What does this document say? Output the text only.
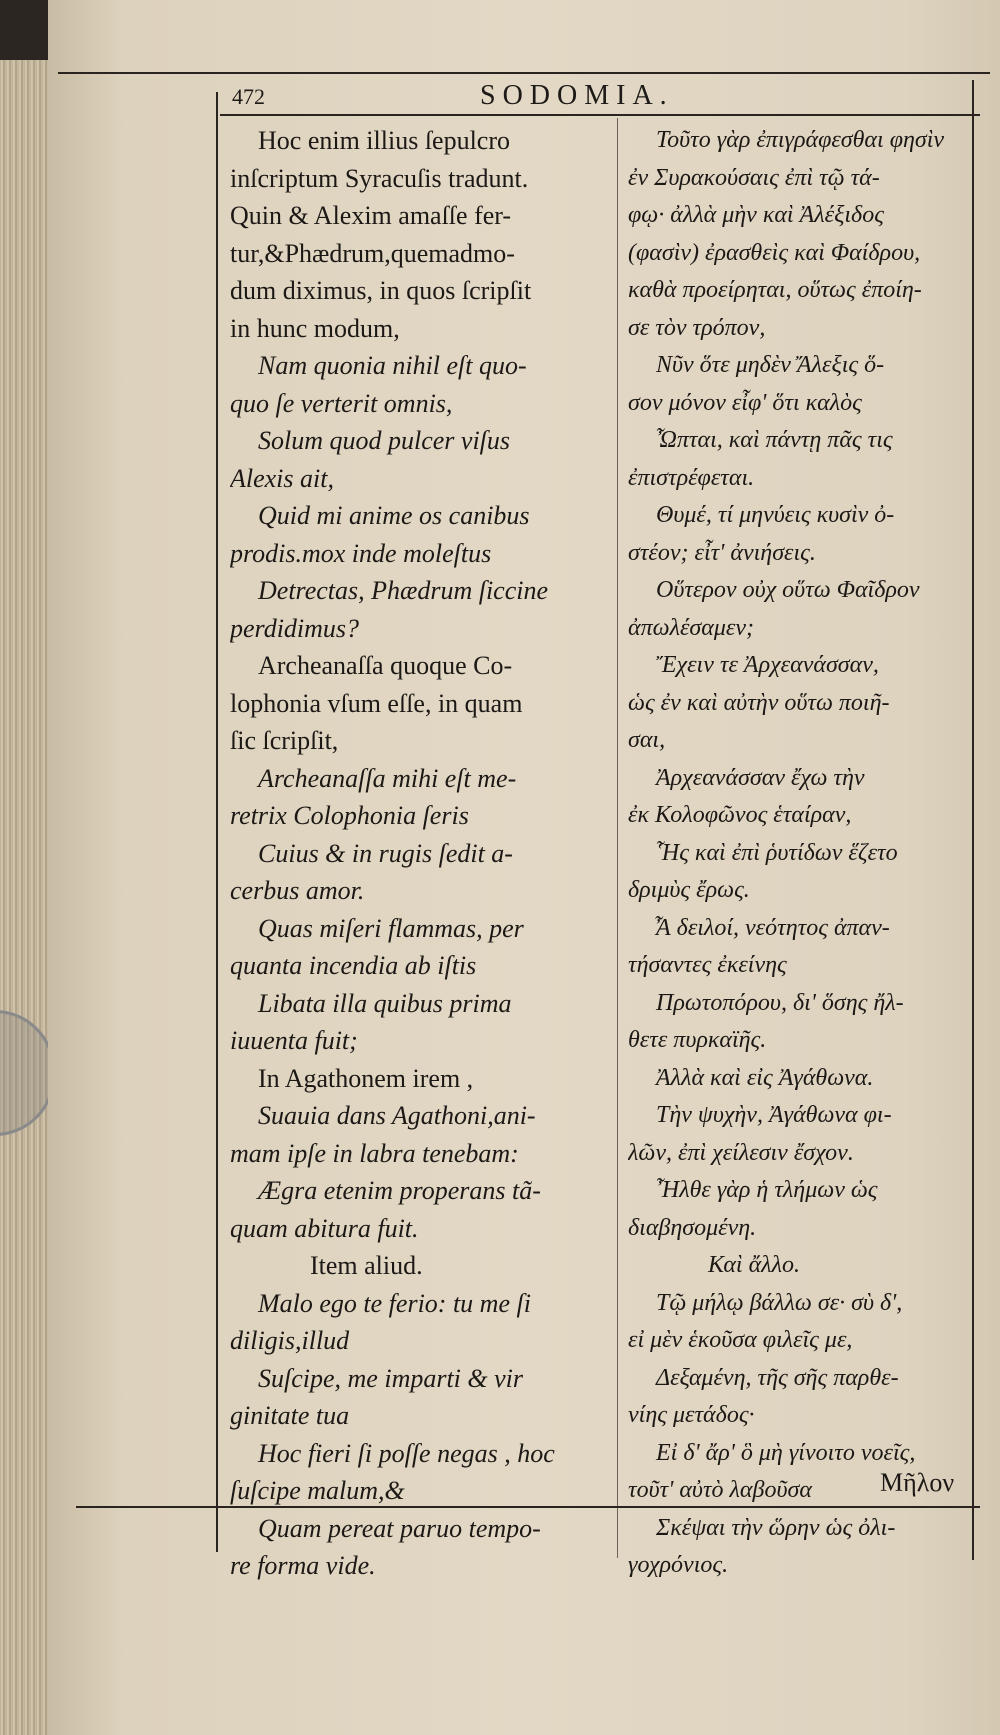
472	SODOMIA.
Hoc enim illius ſepulcro
inſcriptum Syracuſis tradunt.
Quin & Alexim amaſſe fer-
tur,&Phædrum,quemadmo-
dum diximus, in quos ſcripſit
in hunc modum,
Nam quonia nihil eſt quo-
quo ſe verterit omnis,
Solum quod pulcer viſus
Alexis ait,
Quid mi anime os canibus
prodis.mox inde moleſtus
Detrectas, Phædrum ſiccine
perdidimus?
Archeanaſſa quoque Co-
lophonia vſum eſſe, in quam
ſic ſcripſit,
Archeanaſſa mihi eſt me-
retrix Colophonia ſeris
Cuius & in rugis ſedit a-
cerbus amor.
Quas miſeri flammas, per
quanta incendia ab iſtis
Libata illa quibus prima
iuuenta fuit;
In Agathonem irem ,
Suauia dans Agathoni,ani-
mam ipſe in labra tenebam:
Ægra etenim properans tã-
quam abitura fuit.
Item aliud.
Malo ego te ferio: tu me ſi
diligis,illud
Suſcipe, me imparti & vir
ginitate tua
Hoc fieri ſi poſſe negas , hoc
ſuſcipe malum,&
Quam pereat paruo tempo-
re forma vide.
Τοῦτο γὰρ ἐπιγράφεσθαι φησὶν
ἐν Συρακούσαις ἐπὶ τῷ τά-
φῳ· ἀλλὰ μὴν καὶ Ἀλέξιδος
(φασὶν) ἐρασθεὶς καὶ Φαίδρου,
καθὰ προείρηται, οὕτως ἐποίη-
σε τὸν τρόπον,
Νῦν ὅτε μηδὲν Ἄλεξις ὅ-
σον μόνον εἶφ' ὅτι καλὸς
Ὦπται, καὶ πάντῃ πᾶς τις
ἐπιστρέφεται.
Θυμέ, τί μηνύεις κυσὶν ὀ-
στέον; εἶτ' ἀνιήσεις.
Οὕτερον οὐχ οὕτω Φαῖδρον
ἀπωλέσαμεν;
Ἔχειν τε Ἀρχεανάσσαν,
ὡς ἐν καὶ αὐτὴν οὕτω ποιῆ-
σαι,
Ἀρχεανάσσαν ἔχω τὴν
ἐκ Κολοφῶνος ἑταίραν,
Ἧς καὶ ἐπὶ ῥυτίδων ἕζετο
δριμὺς ἔρως.
Ἆ δειλοί, νεότητος ἀπαν-
τήσαντες ἐκείνης
Πρωτοπόρου, δι' ὅσης ἤλ-
θετε πυρκαϊῆς.
Ἀλλὰ καὶ εἰς Ἀγάθωνα.
Τὴν ψυχὴν, Ἀγάθωνα φι-
λῶν, ἐπὶ χείλεσιν ἔσχον.
Ἦλθε γὰρ ἡ τλήμων ὡς
διαβησομένη.
Καὶ ἄλλο.
Τῷ μήλῳ βάλλω σε· σὺ δ',
εἰ μὲν ἑκοῦσα φιλεῖς με,
Δεξαμένη, τῆς σῆς παρθε-
νίης μετάδος·
Εἰ δ' ἄρ' ὃ μὴ γίνοιτο νοεῖς,
τοῦτ' αὐτὸ λαβοῦσα
Σκέψαι τὴν ὥρην ὡς ὀλι-
γοχρόνιος.
Μῆλον
